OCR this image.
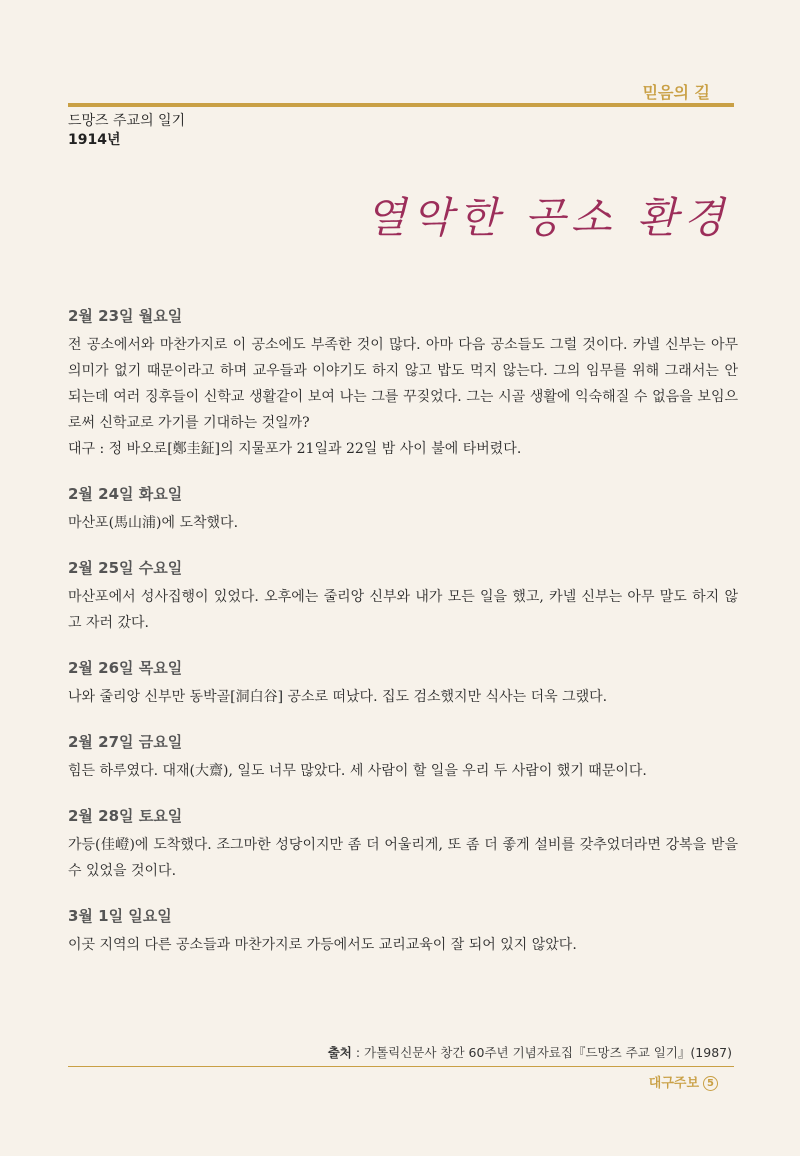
믿음의 길
드망즈 주교의 일기
1914년
열악한 공소 환경
2월 23일 월요일

전 공소에서와 마찬가지로 이 공소에도 부족한 것이 많다. 아마 다음 공소들도 그럴 것이다. 카넬 신부는 아무 의미가 없기 때문이라고 하며 교우들과 이야기도 하지 않고 밥도 먹지 않는다. 그의 임무를 위해 그래서는 안 되는데 여러 징후들이 신학교 생활같이 보여 나는 그를 꾸짖었다. 그는 시골 생활에 익숙해질 수 없음을 보임으로써 신학교로 가기를 기대하는 것일까?

대구 : 정 바오로[鄭圭鉦]의 지물포가 21일과 22일 밤 사이 불에 타버렸다.

2월 24일 화요일

마산포(馬山浦)에 도착했다.

2월 25일 수요일

마산포에서 성사집행이 있었다. 오후에는 줄리앙 신부와 내가 모든 일을 했고, 카넬 신부는 아무 말도 하지 않고 자러 갔다.

2월 26일 목요일

나와 줄리앙 신부만 동박골[洞白谷] 공소로 떠났다. 집도 검소했지만 식사는 더욱 그랬다.

2월 27일 금요일

힘든 하루였다. 대재(大齋), 일도 너무 많았다. 세 사람이 할 일을 우리 두 사람이 했기 때문이다.

2월 28일 토요일

가등(佳嶝)에 도착했다. 조그마한 성당이지만 좀 더 어울리게, 또 좀 더 좋게 설비를 갖추었더라면 강복을 받을 수 있었을 것이다.

3월 1일 일요일

이곳 지역의 다른 공소들과 마찬가지로 가등에서도 교리교육이 잘 되어 있지 않았다.

출처 : 가톨릭신문사 창간 60주년 기념자료집『드망즈 주교 일기』(1987)
대구주보 5
